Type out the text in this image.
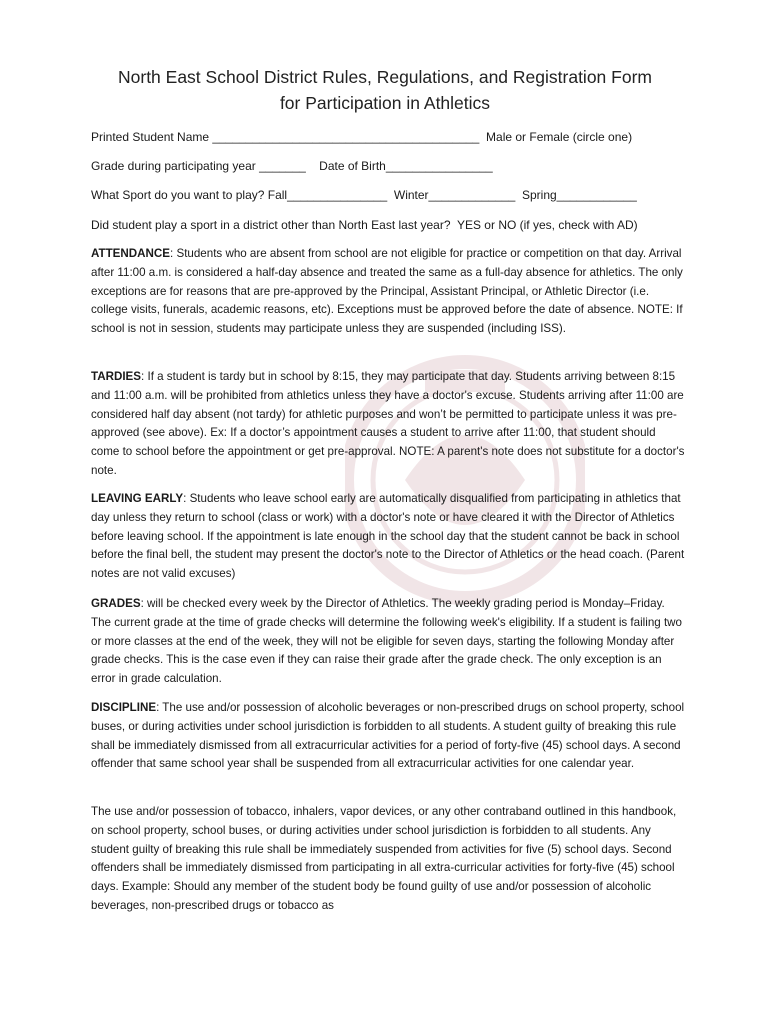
North East School District Rules, Regulations, and Registration Form
for Participation in Athletics
Printed Student Name ________________________________________  Male or Female (circle one)
Grade during participating year _______    Date of Birth________________
What Sport do you want to play? Fall_______________  Winter_____________  Spring____________
Did student play a sport in a district other than North East last year?  YES or NO (if yes, check with AD)

ATTENDANCE: Students who are absent from school are not eligible for practice or competition on that day. Arrival after 11:00 a.m. is considered a half-day absence and treated the same as a full-day absence for athletics. The only exceptions are for reasons that are pre-approved by the Principal, Assistant Principal, or Athletic Director (i.e. college visits, funerals, academic reasons, etc). Exceptions must be approved before the date of absence. NOTE: If school is not in session, students may participate unless they are suspended (including ISS).

TARDIES: If a student is tardy but in school by 8:15, they may participate that day. Students arriving between 8:15 and 11:00 a.m. will be prohibited from athletics unless they have a doctor's excuse. Students arriving after 11:00 are considered half day absent (not tardy) for athletic purposes and won’t be permitted to participate unless it was pre-approved (see above). Ex: If a doctor’s appointment causes a student to arrive after 11:00, that student should come to school before the appointment or get pre-approval. NOTE: A parent's note does not substitute for a doctor's note.

LEAVING EARLY: Students who leave school early are automatically disqualified from participating in athletics that day unless they return to school (class or work) with a doctor's note or have cleared it with the Director of Athletics before leaving school. If the appointment is late enough in the school day that the student cannot be back in school before the final bell, the student may present the doctor's note to the Director of Athletics or the head coach. (Parent notes are not valid excuses)

GRADES: will be checked every week by the Director of Athletics. The weekly grading period is Monday–Friday. The current grade at the time of grade checks will determine the following week's eligibility. If a student is failing two or more classes at the end of the week, they will not be eligible for seven days, starting the following Monday after grade checks. This is the case even if they can raise their grade after the grade check. The only exception is an error in grade calculation.

DISCIPLINE: The use and/or possession of alcoholic beverages or non-prescribed drugs on school property, school buses, or during activities under school jurisdiction is forbidden to all students. A student guilty of breaking this rule shall be immediately dismissed from all extracurricular activities for a period of forty-five (45) school days. A second offender that same school year shall be suspended from all extracurricular activities for one calendar year.

The use and/or possession of tobacco, inhalers, vapor devices, or any other contraband outlined in this handbook, on school property, school buses, or during activities under school jurisdiction is forbidden to all students. Any student guilty of breaking this rule shall be immediately suspended from activities for five (5) school days. Second offenders shall be immediately dismissed from participating in all extra-curricular activities for forty-five (45) school days. Example: Should any member of the student body be found guilty of use and/or possession of alcoholic beverages, non-prescribed drugs or tobacco as
